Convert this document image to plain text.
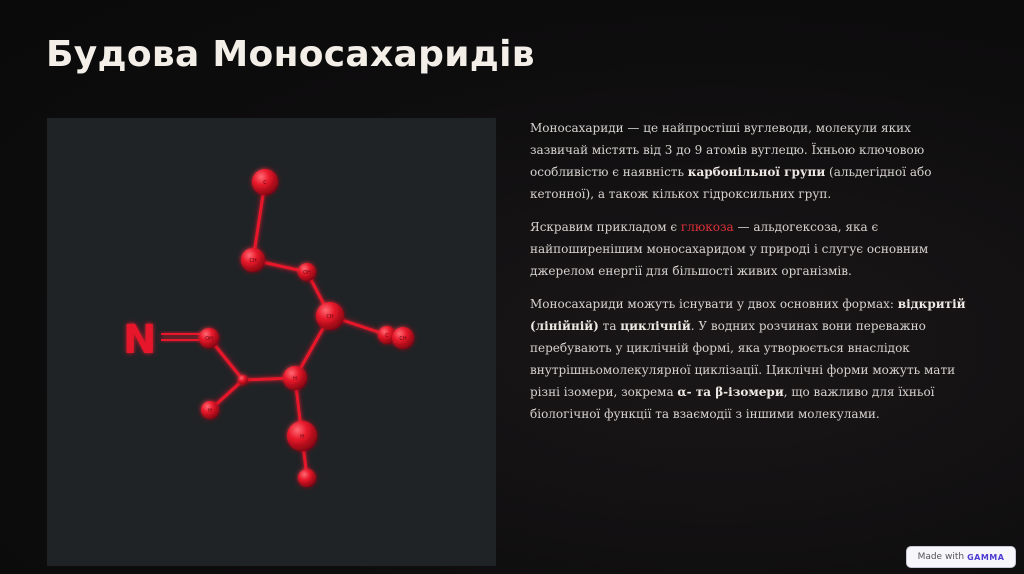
Будова Моносахаридів
N
C
CH
OH
CH
C CH
OH
H
H
H

Моносахариди — це найпростіші вуглеводи, молекули яких зазвичай містять від 3 до 9 атомів вуглецю. Їхньою ключовою особливістю є наявність карбонільної групи (альдегідної або кетонної), а також кількох гідроксильних груп.

Яскравим прикладом є глюкоза — альдогексоза, яка є найпоширенішим моносахаридом у природі і слугує основним джерелом енергії для більшості живих організмів.

Моносахариди можуть існувати у двох основних формах: відкритій (лінійній) та циклічній. У водних розчинах вони переважно перебувають у циклічній формі, яка утворюється внаслідок внутрішньомолекулярної циклізації. Циклічні форми можуть мати різні ізомери, зокрема α- та β-ізомери, що важливо для їхньої біологічної функції та взаємодії з іншими молекулами.

Made with GAMMA
